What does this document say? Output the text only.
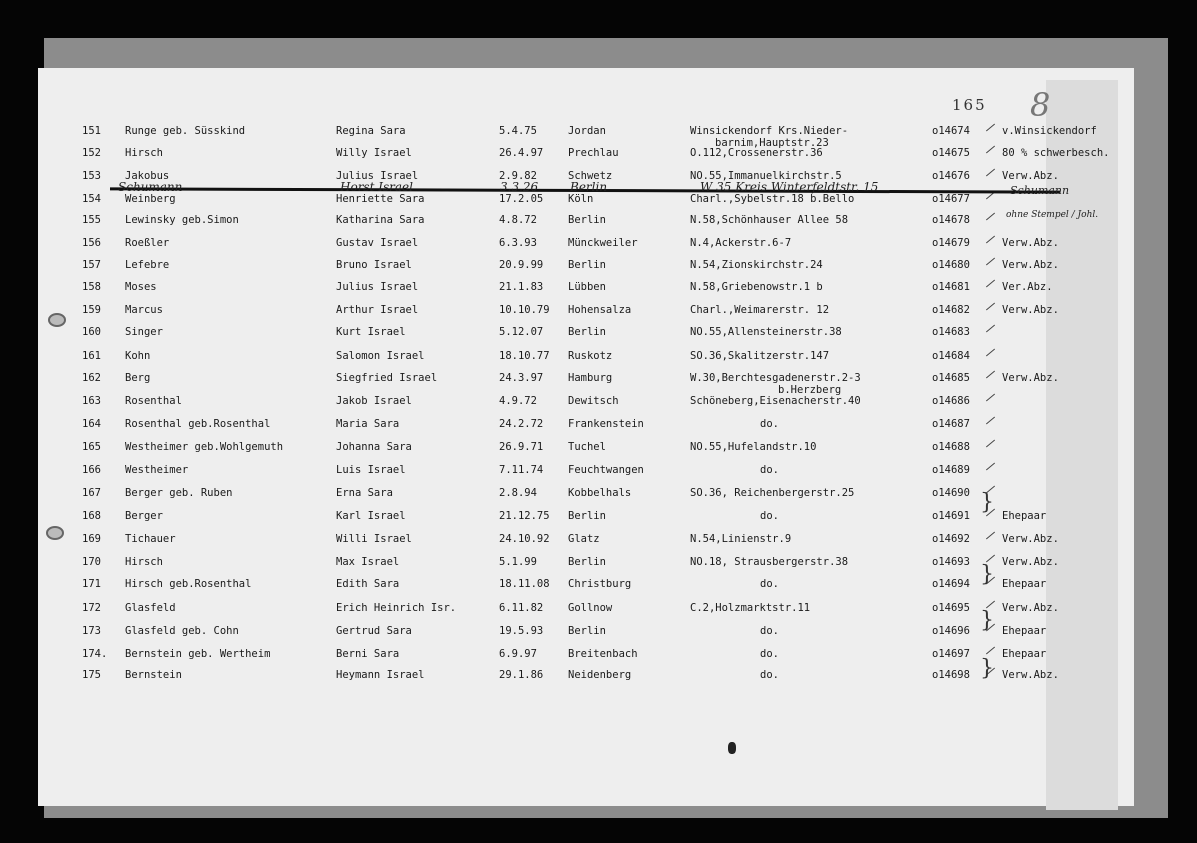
165 8
151 Runge geb. Süsskind	Regina Sara	5.4.75	Jordan	Winsickendorf Krs.Nieder-	o14674	v.Winsickendorf
barnim,Hauptstr.23
152 Hirsch	Willy Israel	26.4.97 Prechlau	O.112,Crossenerstr.36	o14675	80 % schwerbesch.
153 Jakobus	Julius Israel	2.9.82	Schwetz	NO.55,Immanuelkirchstr.5	o14676	Verw.Abz.
154 Weinberg	Henriette Sara	17.2.05 Köln	Charl.,Sybelstr.18 b.Bello	o14677
155 Lewinsky geb.Simon	Katharina Sara	4.8.72	Berlin	N.58,Schönhauser Allee 58	o14678
156 Roeßler	Gustav Israel	6.3.93	Münckweiler	N.4,Ackerstr.6-7	o14679	Verw.Abz.
157 Lefebre	Bruno Israel	20.9.99 Berlin	N.54,Zionskirchstr.24	o14680	Verw.Abz.
158 Moses	Julius Israel	21.1.83 Lübben	N.58,Griebenowstr.1 b	o14681	Ver.Abz.
159 Marcus	Arthur Israel	10.10.79 Hohensalza	Charl.,Weimarerstr. 12	o14682	Verw.Abz.
160 Singer	Kurt Israel	5.12.07 Berlin	NO.55,Allensteinerstr.38	o14683
161 Kohn	Salomon Israel	18.10.77 Ruskotz	SO.36,Skalitzerstr.147	o14684
162 Berg	Siegfried Israel	24.3.97 Hamburg	W.30,Berchtesgadenerstr.2-3	o14685	Verw.Abz.
b.Herzberg
163 Rosenthal	Jakob Israel	4.9.72	Dewitsch	Schöneberg,Eisenacherstr.40	o14686
164 Rosenthal geb.Rosenthal	Maria Sara	24.2.72 Frankenstein	do.	o14687
165 Westheimer geb.Wohlgemuth	Johanna Sara	26.9.71 Tuchel	NO.55,Hufelandstr.10	o14688
166 Westheimer	Luis Israel	7.11.74 Feuchtwangen	do.	o14689
167 Berger geb. Ruben	Erna Sara	2.8.94	Kobbelhals	SO.36, Reichenbergerstr.25	o14690
168 Berger	Karl Israel	21.12.75 Berlin	do.	o14691	Ehepaar
169 Tichauer	Willi Israel	24.10.92 Glatz	N.54,Linienstr.9	o14692	Verw.Abz.
170 Hirsch	Max Israel	5.1.99	Berlin	NO.18, Strausbergerstr.38	o14693	Verw.Abz.
171 Hirsch geb.Rosenthal	Edith Sara	18.11.08 Christburg	do.	o14694	Ehepaar
172 Glasfeld	Erich Heinrich Isr.	6.11.82 Gollnow	C.2,Holzmarktstr.11	o14695	Verw.Abz.
173 Glasfeld geb. Cohn	Gertrud Sara	19.5.93 Berlin	do.	o14696	Ehepaar
174. Bernstein geb. Wertheim	Berni Sara	6.9.97	Breitenbach	do.	o14697	Ehepaar
175 Bernstein	Heymann Israel	29.1.86 Neidenberg	do.	o14698	Verw.Abz.
Schumann	Horst Israel	3.3.26	Berlin	W 35 Kreis Winterfeldtstr. 15	Schumann
ohne Stempel / Johl.
}
}
}
}
